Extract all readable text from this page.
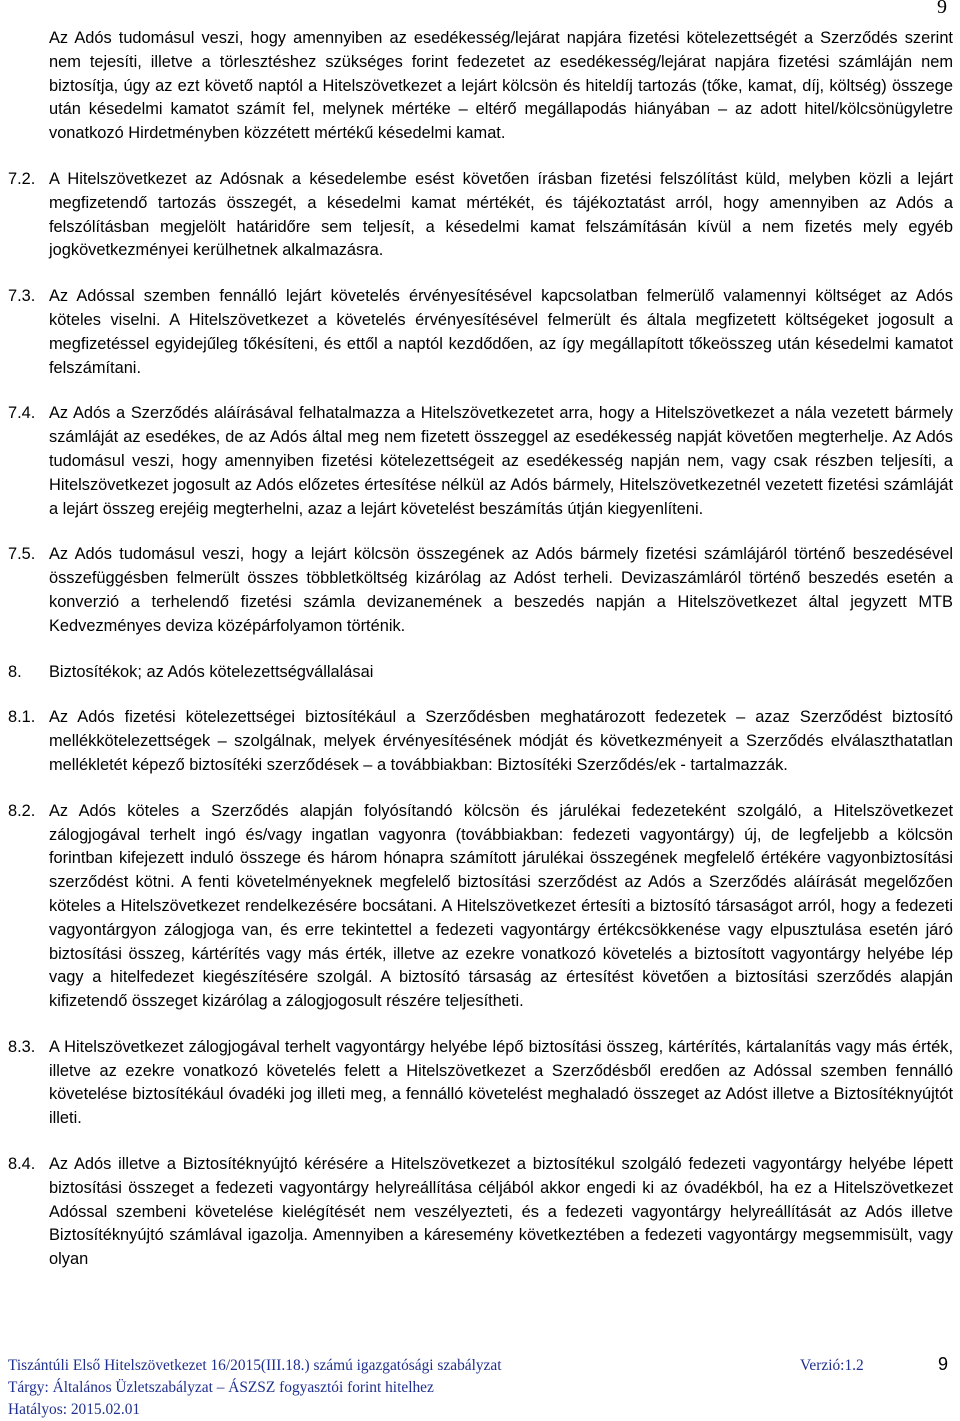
9

Az Adós tudomásul veszi, hogy amennyiben az esedékesség/lejárat napjára fizetési kötelezettségét a Szerződés szerint nem tejesíti, illetve a törlesztéshez szükséges forint fedezetet az esedékesség/lejárat napjára fizetési számláján nem biztosítja, úgy az ezt követő naptól a Hitelszövetkezet a lejárt kölcsön és hiteldíj tartozás (tőke, kamat, díj, költség) összege után késedelmi kamatot számít fel, melynek mértéke – eltérő megállapodás hiányában – az adott hitel/kölcsönügyletre vonatkozó Hirdetményben közzétett mértékű késedelmi kamat.

7.2. A Hitelszövetkezet az Adósnak a késedelembe esést követően írásban fizetési felszólítást küld, melyben közli a lejárt megfizetendő tartozás összegét, a késedelmi kamat mértékét, és tájékoztatást arról, hogy amennyiben az Adós a felszólításban megjelölt határidőre sem teljesít, a késedelmi kamat felszámításán kívül a nem fizetés mely egyéb jogkövetkezményei kerülhetnek alkalmazásra.
7.3. Az Adóssal szemben fennálló lejárt követelés érvényesítésével kapcsolatban felmerülő valamennyi költséget az Adós köteles viselni. A Hitelszövetkezet a követelés érvényesítésével felmerült és általa megfizetett költségeket jogosult a megfizetéssel egyidejűleg tőkésíteni, és ettől a naptól kezdődően, az így megállapított tőkeösszeg után késedelmi kamatot felszámítani.
7.4. Az Adós a Szerződés aláírásával felhatalmazza a Hitelszövetkezetet arra, hogy a Hitelszövetkezet a nála vezetett bármely számláját az esedékes, de az Adós által meg nem fizetett összeggel az esedékesség napját követően megterhelje. Az Adós tudomásul veszi, hogy amennyiben fizetési kötelezettségeit az esedékesség napján nem, vagy csak részben teljesíti, a Hitelszövetkezet jogosult az Adós előzetes értesítése nélkül az Adós bármely, Hitelszövetkezetnél vezetett fizetési számláját a lejárt összeg erejéig megterhelni, azaz a lejárt követelést beszámítás útján kiegyenlíteni.
7.5. Az Adós tudomásul veszi, hogy a lejárt kölcsön összegének az Adós bármely fizetési számlájáról történő beszedésével összefüggésben felmerült összes többletköltség kizárólag az Adóst terheli. Devizaszámláról történő beszedés esetén a konverzió a terhelendő fizetési számla devizanemének a beszedés napján a Hitelszövetkezet által jegyzett MTB Kedvezményes deviza középárfolyamon történik.
8.	Biztosítékok; az Adós kötelezettségvállalásai
8.1. Az Adós fizetési kötelezettségei biztosítékául a Szerződésben meghatározott fedezetek – azaz Szerződést biztosító mellékkötelezettségek – szolgálnak, melyek érvényesítésének módját és következményeit a Szerződés elválaszthatatlan mellékletét képező biztosítéki szerződések – a továbbiakban: Biztosítéki Szerződés/ek - tartalmazzák.
8.2. Az Adós köteles a Szerződés alapján folyósítandó kölcsön és járulékai fedezeteként szolgáló, a Hitelszövetkezet zálogjogával terhelt ingó és/vagy ingatlan vagyonra (továbbiakban: fedezeti vagyontárgy) új, de legfeljebb a kölcsön forintban kifejezett induló összege és három hónapra számított járulékai összegének megfelelő értékére vagyonbiztosítási szerződést kötni. A fenti követelményeknek megfelelő biztosítási szerződést az Adós a Szerződés aláírását megelőzően köteles a Hitelszövetkezet rendelkezésére bocsátani. A Hitelszövetkezet értesíti a biztosító társaságot arról, hogy a fedezeti vagyontárgyon zálogjoga van, és erre tekintettel a fedezeti vagyontárgy értékcsökkenése vagy elpusztulása esetén járó biztosítási összeg, kártérítés vagy más érték, illetve az ezekre vonatkozó követelés a biztosított vagyontárgy helyébe lép vagy a hitelfedezet kiegészítésére szolgál. A biztosító társaság az értesítést követően a biztosítási szerződés alapján kifizetendő összeget kizárólag a zálogjogosult részére teljesítheti.
8.3. A Hitelszövetkezet zálogjogával terhelt vagyontárgy helyébe lépő biztosítási összeg, kártérítés, kártalanítás vagy más érték, illetve az ezekre vonatkozó követelés felett a Hitelszövetkezet a Szerződésből eredően az Adóssal szemben fennálló követelése biztosítékául óvadéki jog illeti meg, a fennálló követelést meghaladó összeget az Adóst illetve a Biztosítéknyújtót illeti.
8.4. Az Adós illetve a Biztosítéknyújtó kérésére a Hitelszövetkezet a biztosítékul szolgáló fedezeti vagyontárgy helyébe lépett biztosítási összeget a fedezeti vagyontárgy helyreállítása céljából akkor engedi ki az óvadékból, ha ez a Hitelszövetkezet Adóssal szembeni követelése kielégítését nem veszélyezteti, és a fedezeti vagyontárgy helyreállítását az Adós illetve Biztosítéknyújtó számlával igazolja. Amennyiben a káresemény következtében a fedezeti vagyontárgy megsemmisült, vagy olyan
Tiszántúli Első Hitelszövetkezet 16/2015(III.18.) számú igazgatósági szabályzat	Verzió:1.2	9
Tárgy: Általános Üzletszabályzat – ÁSZSZ fogyasztói forint hitelhez
Hatályos: 2015.02.01
